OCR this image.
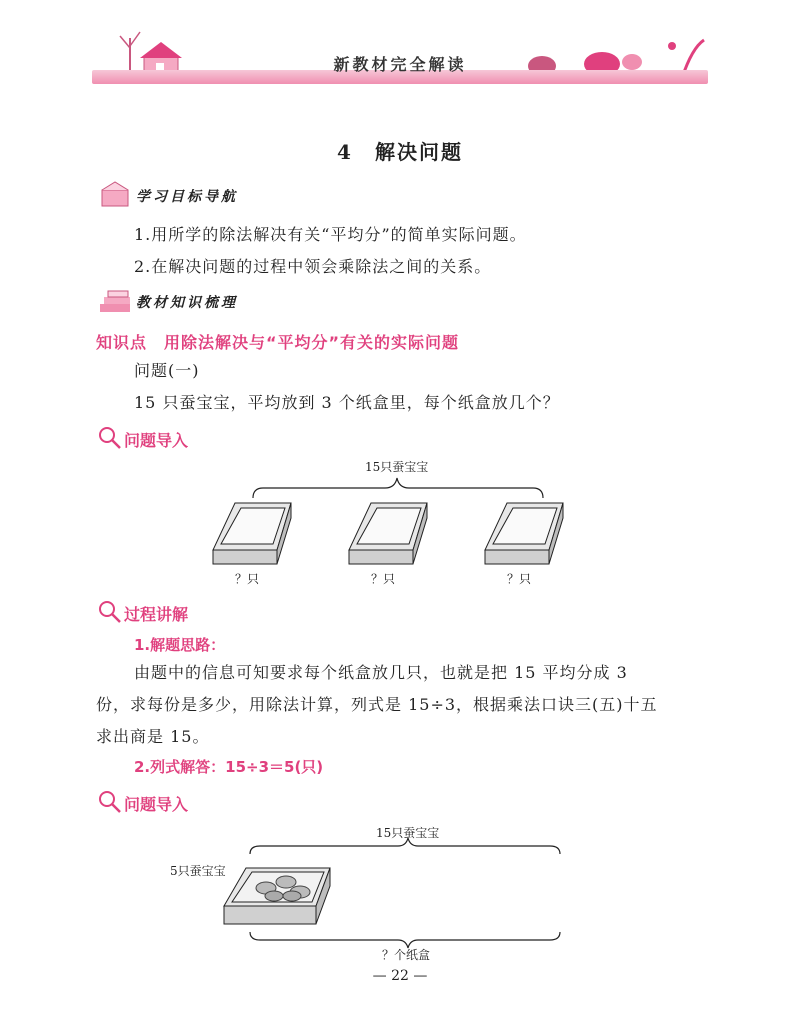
新教材完全解读
4　解决问题
学习目标导航
1.用所学的除法解决有关“平均分”的简单实际问题。
2.在解决问题的过程中领会乘除法之间的关系。
教材知识梳理
知识点　用除法解决与“平均分”有关的实际问题
问题(一)
15 只蚕宝宝，平均放到 3 个纸盒里，每个纸盒放几个？
问题导入
15只蚕宝宝
？只	？只	？只
过程讲解
1.解题思路：
由题中的信息可知要求每个纸盒放几只，也就是把 15 平均分成 3
份，求每份是多少，用除法计算，列式是 15÷3，根据乘法口诀三(五)十五
求出商是 15。
2.列式解答：15÷3＝5(只)
问题导入
15只蚕宝宝
5只蚕宝宝
？个纸盒
— 22 —
